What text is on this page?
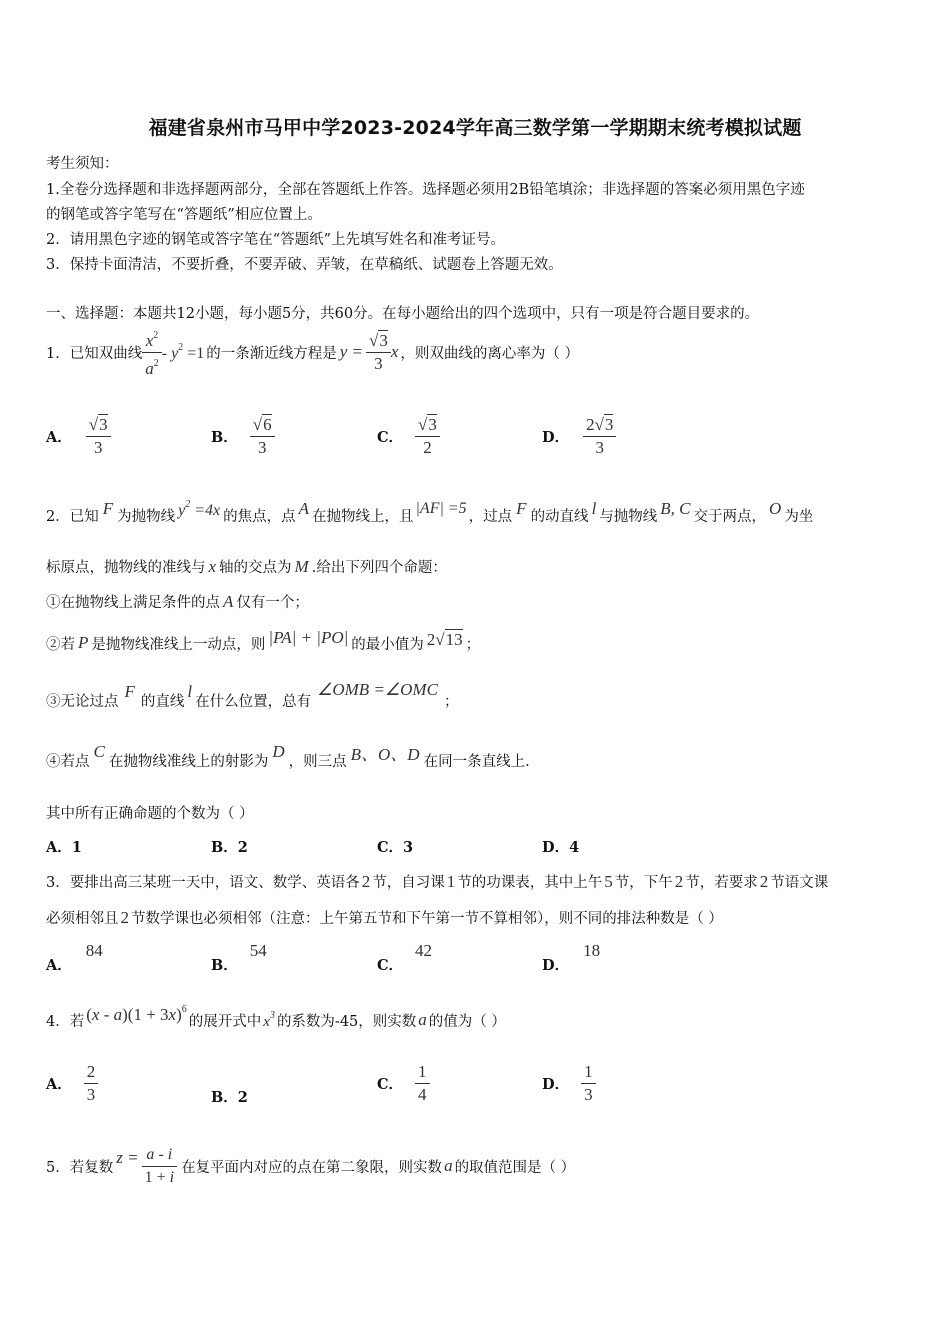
福建省泉州市马甲中学2023-2024学年高三数学第一学期期末统考模拟试题
考生须知：
1.全卷分选择题和非选择题两部分，全部在答题纸上作答。选择题必须用2B铅笔填涂；非选择题的答案必须用黑色字迹
的钢笔或答字笔写在“答题纸”相应位置上。
2．请用黑色字迹的钢笔或答字笔在“答题纸”上先填写姓名和准考证号。
3．保持卡面清洁，不要折叠，不要弄破、弄皱，在草稿纸、试题卷上答题无效。
一、选择题：本题共12小题，每小题5分，共60分。在每小题给出的四个选项中，只有一项是符合题目要求的。
1．已知双曲线 $\frac{x^2}{a^2} - y^2 =1$ 的一条渐近线方程是 $y = \frac{√3}{3}$ x ，则双曲线的离心率为（ ）
A． $\frac{√3}{3}$	B． $\frac{√6}{3}$	C． $\frac{√3}{2}$	D． $\frac{2√3}{3}$
2．已知 F 为抛物线 $y^2 =4x$ 的焦点，点 A 在抛物线上，且 |AF| =5 ，过点 F 的动直线 l 与抛物线 B, C 交于两点， O 为坐
标原点，抛物线的准线与 x 轴的交点为 M .给出下列四个命题：
①在抛物线上满足条件的点 A 仅有一个；
②若 P 是抛物线准线上一动点，则 |PA| + |PO| 的最小值为 2√13 ；
③无论过点
F
的直线
l
在什么位置，总有
∠OMB =∠OMC
；
④若点
C
在抛物线准线上的射影为
D
，则三点 B、O、D 在同一条直线上.
其中所有正确命题的个数为（ ）
A．1	B．2	C．3	D．4
3．要排出高三某班一天中，语文、数学、英语各 2 节，自习课 1 节的功课表，其中上午 5 节，下午 2 节，若要求 2 节语文课
必须相邻且 2 节数学课也必须相邻（注意：上午第五节和下午第一节不算相邻），则不同的排法种数是（ ）
A．84
B．54
C．42
D．18
4．若 $(x - a)(1 + 3x)^6$
的展开式中 $x^3$ 的系数为-45，则实数 a 的值为（ ）
A． $\frac{2}{3}$	B．2
C． $\frac{1}{4}$	D． $\frac{1}{3}$
5．若复数
$z = \frac{a - i}{1 + i}$ 在复平面内对应的点在第二象限，则实数 a 的取值范围是（ ）
